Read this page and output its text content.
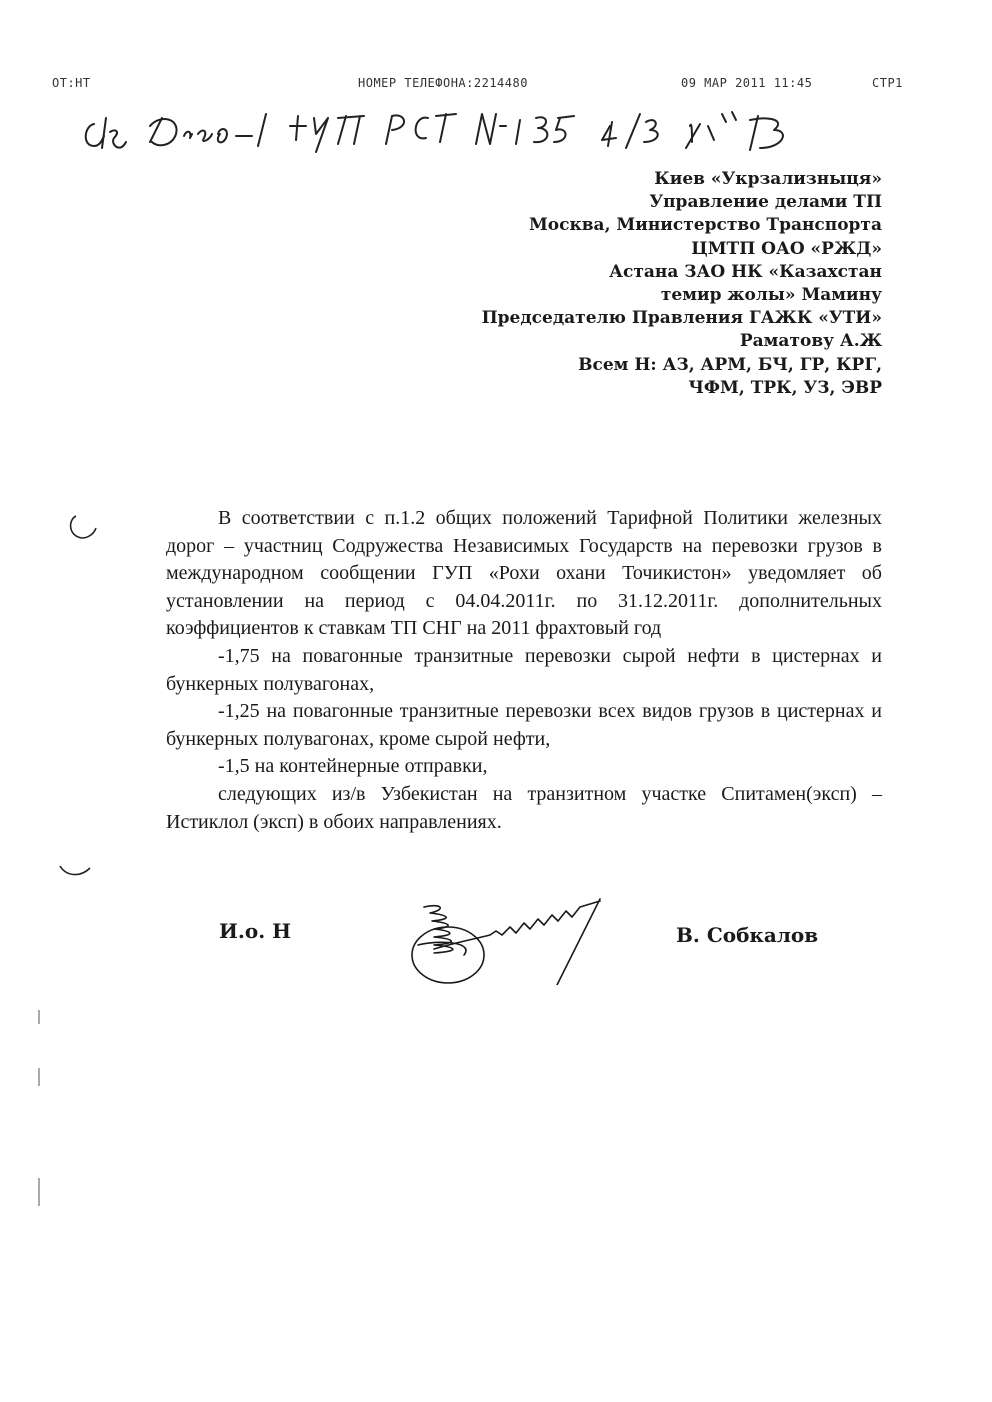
ОТ:НТ	НОМЕР ТЕЛЕФОНА:2214480	09 МАР 2011 11:45	СТР1
Киев «Укрзализныця»
Управление делами ТП
Москва, Министерство Транспорта
ЦМТП ОАО «РЖД»
Астана ЗАО НК «Казахстан
темир жолы» Мамину
Председателю Правления ГАЖК «УТИ»
Раматову А.Ж
Всем Н: АЗ, АРМ, БЧ, ГР, КРГ,
ЧФМ, ТРК, УЗ, ЭВР

В соответствии с п.1.2 общих положений Тарифной Политики железных дорог – участниц Содружества Независимых Государств на перевозки грузов в международном сообщении ГУП «Рохи охани Точикистон» уведомляет об установлении на период с 04.04.2011г. по 31.12.2011г. дополнительных коэффициентов к ставкам ТП СНГ на 2011 фрахтовый год

-1,75 на повагонные транзитные перевозки сырой нефти в цистернах и бункерных полувагонах,

-1,25 на повагонные транзитные перевозки всех видов грузов в цистернах и бункерных полувагонах, кроме сырой нефти,

-1,5 на контейнерные отправки,

следующих из/в Узбекистан на транзитном участке Спитамен(эксп) – Истиклол (эксп) в обоих направлениях.

И.о. Н	В. Собкалов
